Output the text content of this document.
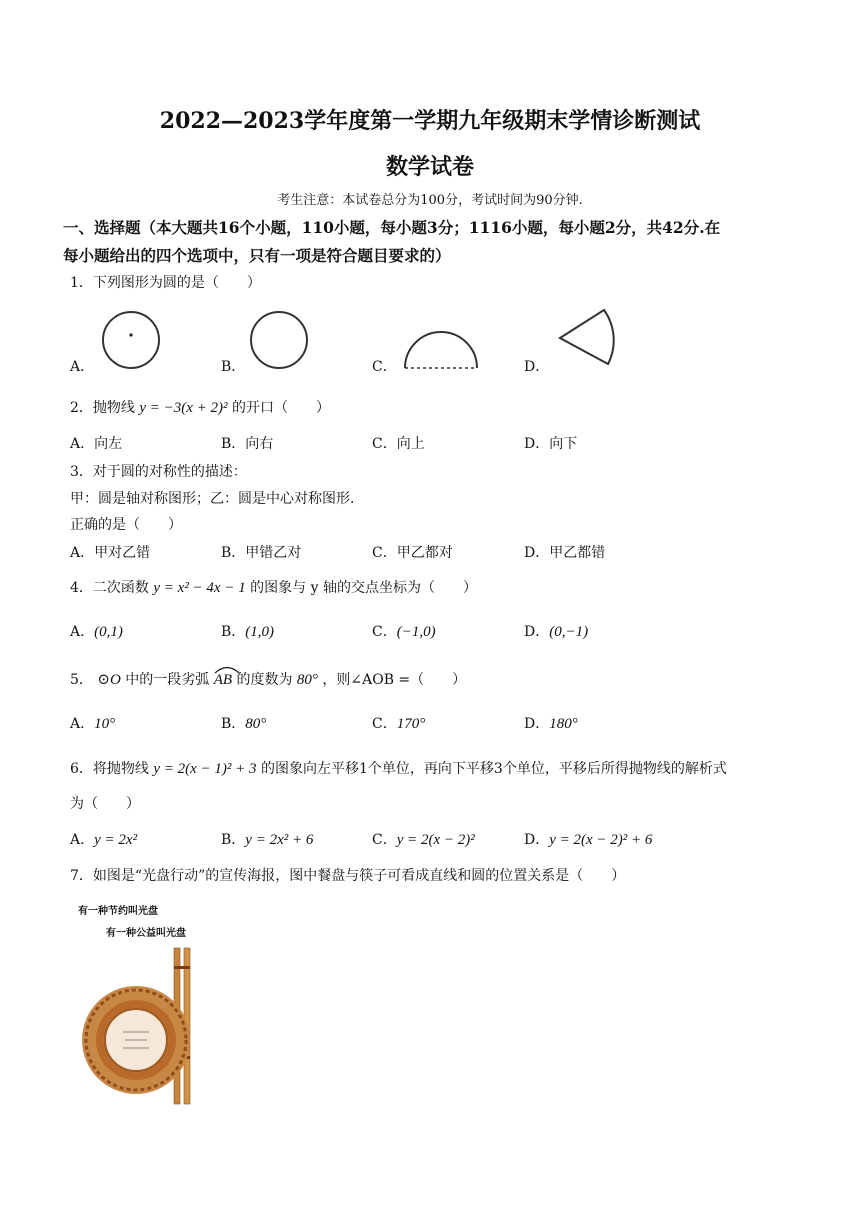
2022—2023学年度第一学期九年级期末学情诊断测试
数学试卷
考生注意：本试卷总分为100分，考试时间为90分钟.
一、选择题（本大题共16个小题，110小题，每小题3分；1116小题，每小题2分，共42分.在
每小题给出的四个选项中，只有一项是符合题目要求的）
1．下列图形为圆的是（　　）
A．	B．	C．	D．
2．抛物线 y = −3(x + 2)² 的开口（　　）
A．向左	B．向右	C．向上	D．向下
3．对于圆的对称性的描述：
甲：圆是轴对称图形；乙：圆是中心对称图形.
正确的是（　　）
A．甲对乙错	B．甲错乙对	C．甲乙都对	D．甲乙都错
4．二次函数 y = x² − 4x − 1 的图象与 y 轴的交点坐标为（　　）
A．(0,1)	B．(1,0)	C．(−1,0)	D．(0,−1)
5． ⊙O 中的一段劣弧 AB 的度数为 80° ，则∠AOB =（　　）
A．10°	B．80°	C．170°	D．180°
6．将抛物线 y = 2(x − 1)² + 3 的图象向左平移1个单位，再向下平移3个单位，平移后所得抛物线的解析式
为（　　）
A．y = 2x²	B．y = 2x² + 6	C．y = 2(x − 2)²	D．y = 2(x − 2)² + 6
7．如图是“光盘行动”的宣传海报，图中餐盘与筷子可看成直线和圆的位置关系是（　　）
有一种节约叫光盘
有一种公益叫光盘
